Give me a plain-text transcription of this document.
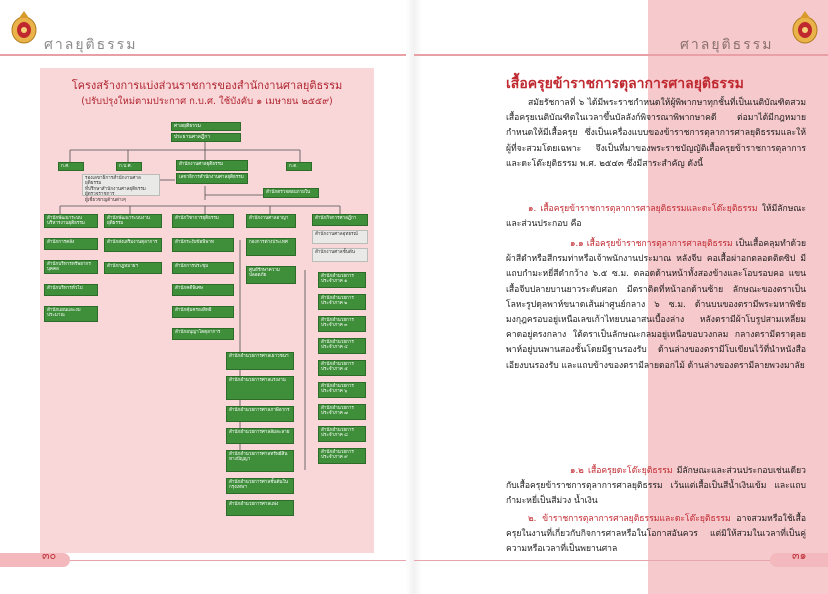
ศาลยุติธรรม
โครงสร้างการแบ่งส่วนราชการของสำนักงานศาลยุติธรรม
(ปรับปรุงใหม่ตามประกาศ ก.บ.ศ. ใช้บังคับ ๑ เมษายน ๒๕๕๙)
ศาลยุติธรรม
ประธานศาลฎีกา
ก.ศ.	ก.บ.ศ.	ก.ต.
สำนักงานศาลยุติธรรม
เลขาธิการสำนักงานศาลยุติธรรม
รองเลขาธิการสำนักงานศาลยุติธรรม
ที่ปรึกษาสำนักงานศาลยุติธรรม
ผู้ตรวจราชการ
ผู้เชี่ยวชาญด้านต่างๆ
สำนักตรวจสอบภายใน
สำนักพัฒนาระบบบริหารงานยุติธรรม
สำนักการคลัง
สำนักบริหารทรัพยากรบุคคล
สำนักบริหารทั่วไป
สำนักแผนและงบประมาณ
สำนักพัฒนาระบบงานยุติธรรม
สำนักส่งเสริมงานตุลาการ
สำนักกฎหมายฯ
สำนักวิชาการยุติธรรม
สำนักระงับข้อพิพาท
สำนักการประชุม
สำนักคดีพิเศษ
สำนักคุ้มครองสิทธิ
สำนักอนุญาโตตุลาการ
สำนักงานศาลอาญา
กองการต่างประเทศ
ศูนย์รักษาความปลอดภัย
สำนักกิจการศาลฎีกา
สำนักงานศาลอุทธรณ์
สำนักงานศาลชั้นต้น
สำนักอำนวยการ ประจำภาค ๑
สำนักอำนวยการ ประจำภาค ๒
สำนักอำนวยการ ประจำภาค ๓
สำนักอำนวยการ ประจำภาค ๔
สำนักอำนวยการ ประจำภาค ๕
สำนักอำนวยการ ประจำภาค ๖
สำนักอำนวยการ ประจำภาค ๗
สำนักอำนวยการ ประจำภาค ๘
สำนักอำนวยการ ประจำภาค ๙
สำนักอำนวยการศาลเยาวชนฯ
สำนักอำนวยการศาลแรงงาน
สำนักอำนวยการศาลภาษีอากร
สำนักอำนวยการศาลล้มละลาย
สำนักอำนวยการศาลทรัพย์สินทางปัญญา
สำนักอำนวยการศาลชั้นต้นในกรุงเทพฯ
สำนักอำนวยการศาลแพ่ง
๓๐
ศาลยุติธรรม
เสื้อครุยข้าราชการตุลาการศาลยุติธรรม
สมัยรัชกาลที่ ๖ ได้มีพระราชกำหนดให้ผู้พิพากษาทุกชั้นที่เป็นเนติบัณฑิตสวมเสื้อครุยเนติบัณฑิตในเวลาขึ้นบัลลังก์พิจารณาพิพากษาคดี ต่อมาได้มีกฎหมายกำหนดให้มีเสื้อครุย ซึ่งเป็นเครื่องแบบของข้าราชการตุลาการศาลยุติธรรมและให้ผู้ที่จะสวมโดยเฉพาะ จึงเป็นที่มาของพระราชบัญญัติเสื้อครุยข้าราชการตุลาการและดะโต๊ะยุติธรรม พ.ศ. ๒๕๔๓ ซึ่งมีสาระสำคัญ ดังนี้
๑. เสื้อครุยข้าราชการตุลาการศาลยุติธรรมและดะโต๊ะยุติธรรม ให้มีลักษณะและส่วนประกอบ คือ
๑.๑ เสื้อครุยข้าราชการตุลาการศาลยุติธรรม เป็นเสื้อคลุมทำด้วยผ้าสีดำหรือสีกรมท่าหรือเจ้าพนักงานประมาณ หลังจีบ คอเสื้อผ่าอกตลอดติดซิป มีแถบกำมะหยี่สีดำกว้าง ๖.๕ ซ.ม. ตลอดด้านหน้าทั้งสองข้างและโอบรอบคอ แขนเสื้อจีบปลายบานยาวระดับศอก มีตราติดที่หน้าอกด้านซ้าย ลักษณะของตราเป็นโลหะรูปดุลพาห์ขนาดเส้นผ่าศูนย์กลาง ๖ ซ.ม. ด้านบนของตรามีพระมหาพิชัยมงกุฎครอบอยู่เหนือเลขเก้าไทยบนอาสนเบื้องล่าง หลังตรามีผ้าโบรูปสามเหลี่ยมคาดอยู่ตรงกลาง ใต้ตราเป็นลักษณะกลมอยู่เหนือขอบวงกลม กลางตรามีตราดุลยพาห์อยู่บนพานสองชั้นโดยมีฐานรองรับ ด้านล่างของตรามีโบเขียนไว้ที่นำหนังสือ เอียงบนรองรับ และแถบข้างของตรามีลายดอกไม้ ด้านล่างของตรามีลายพวงมาลัย
๑.๒ เสื้อครุยดะโต๊ะยุติธรรม มีลักษณะและส่วนประกอบเช่นเดียวกับเสื้อครุยข้าราชการตุลาการศาลยุติธรรม เว้นแต่เสื้อเป็นสีน้ำเงินเข้ม และแถบกำมะหยี่เป็นสีม่วง น้ำเงิน
๒. ข้าราชการตุลาการศาลยุติธรรมและดะโต๊ะยุติธรรม อาจสวมหรือใช้เสื้อครุยในงานที่เกี่ยวกับกิจการศาลหรือในโอกาสอันควร แต่มิให้สวมในเวลาที่เป็นคู่ความหรือเวลาที่เป็นพยานศาล	๓๑
